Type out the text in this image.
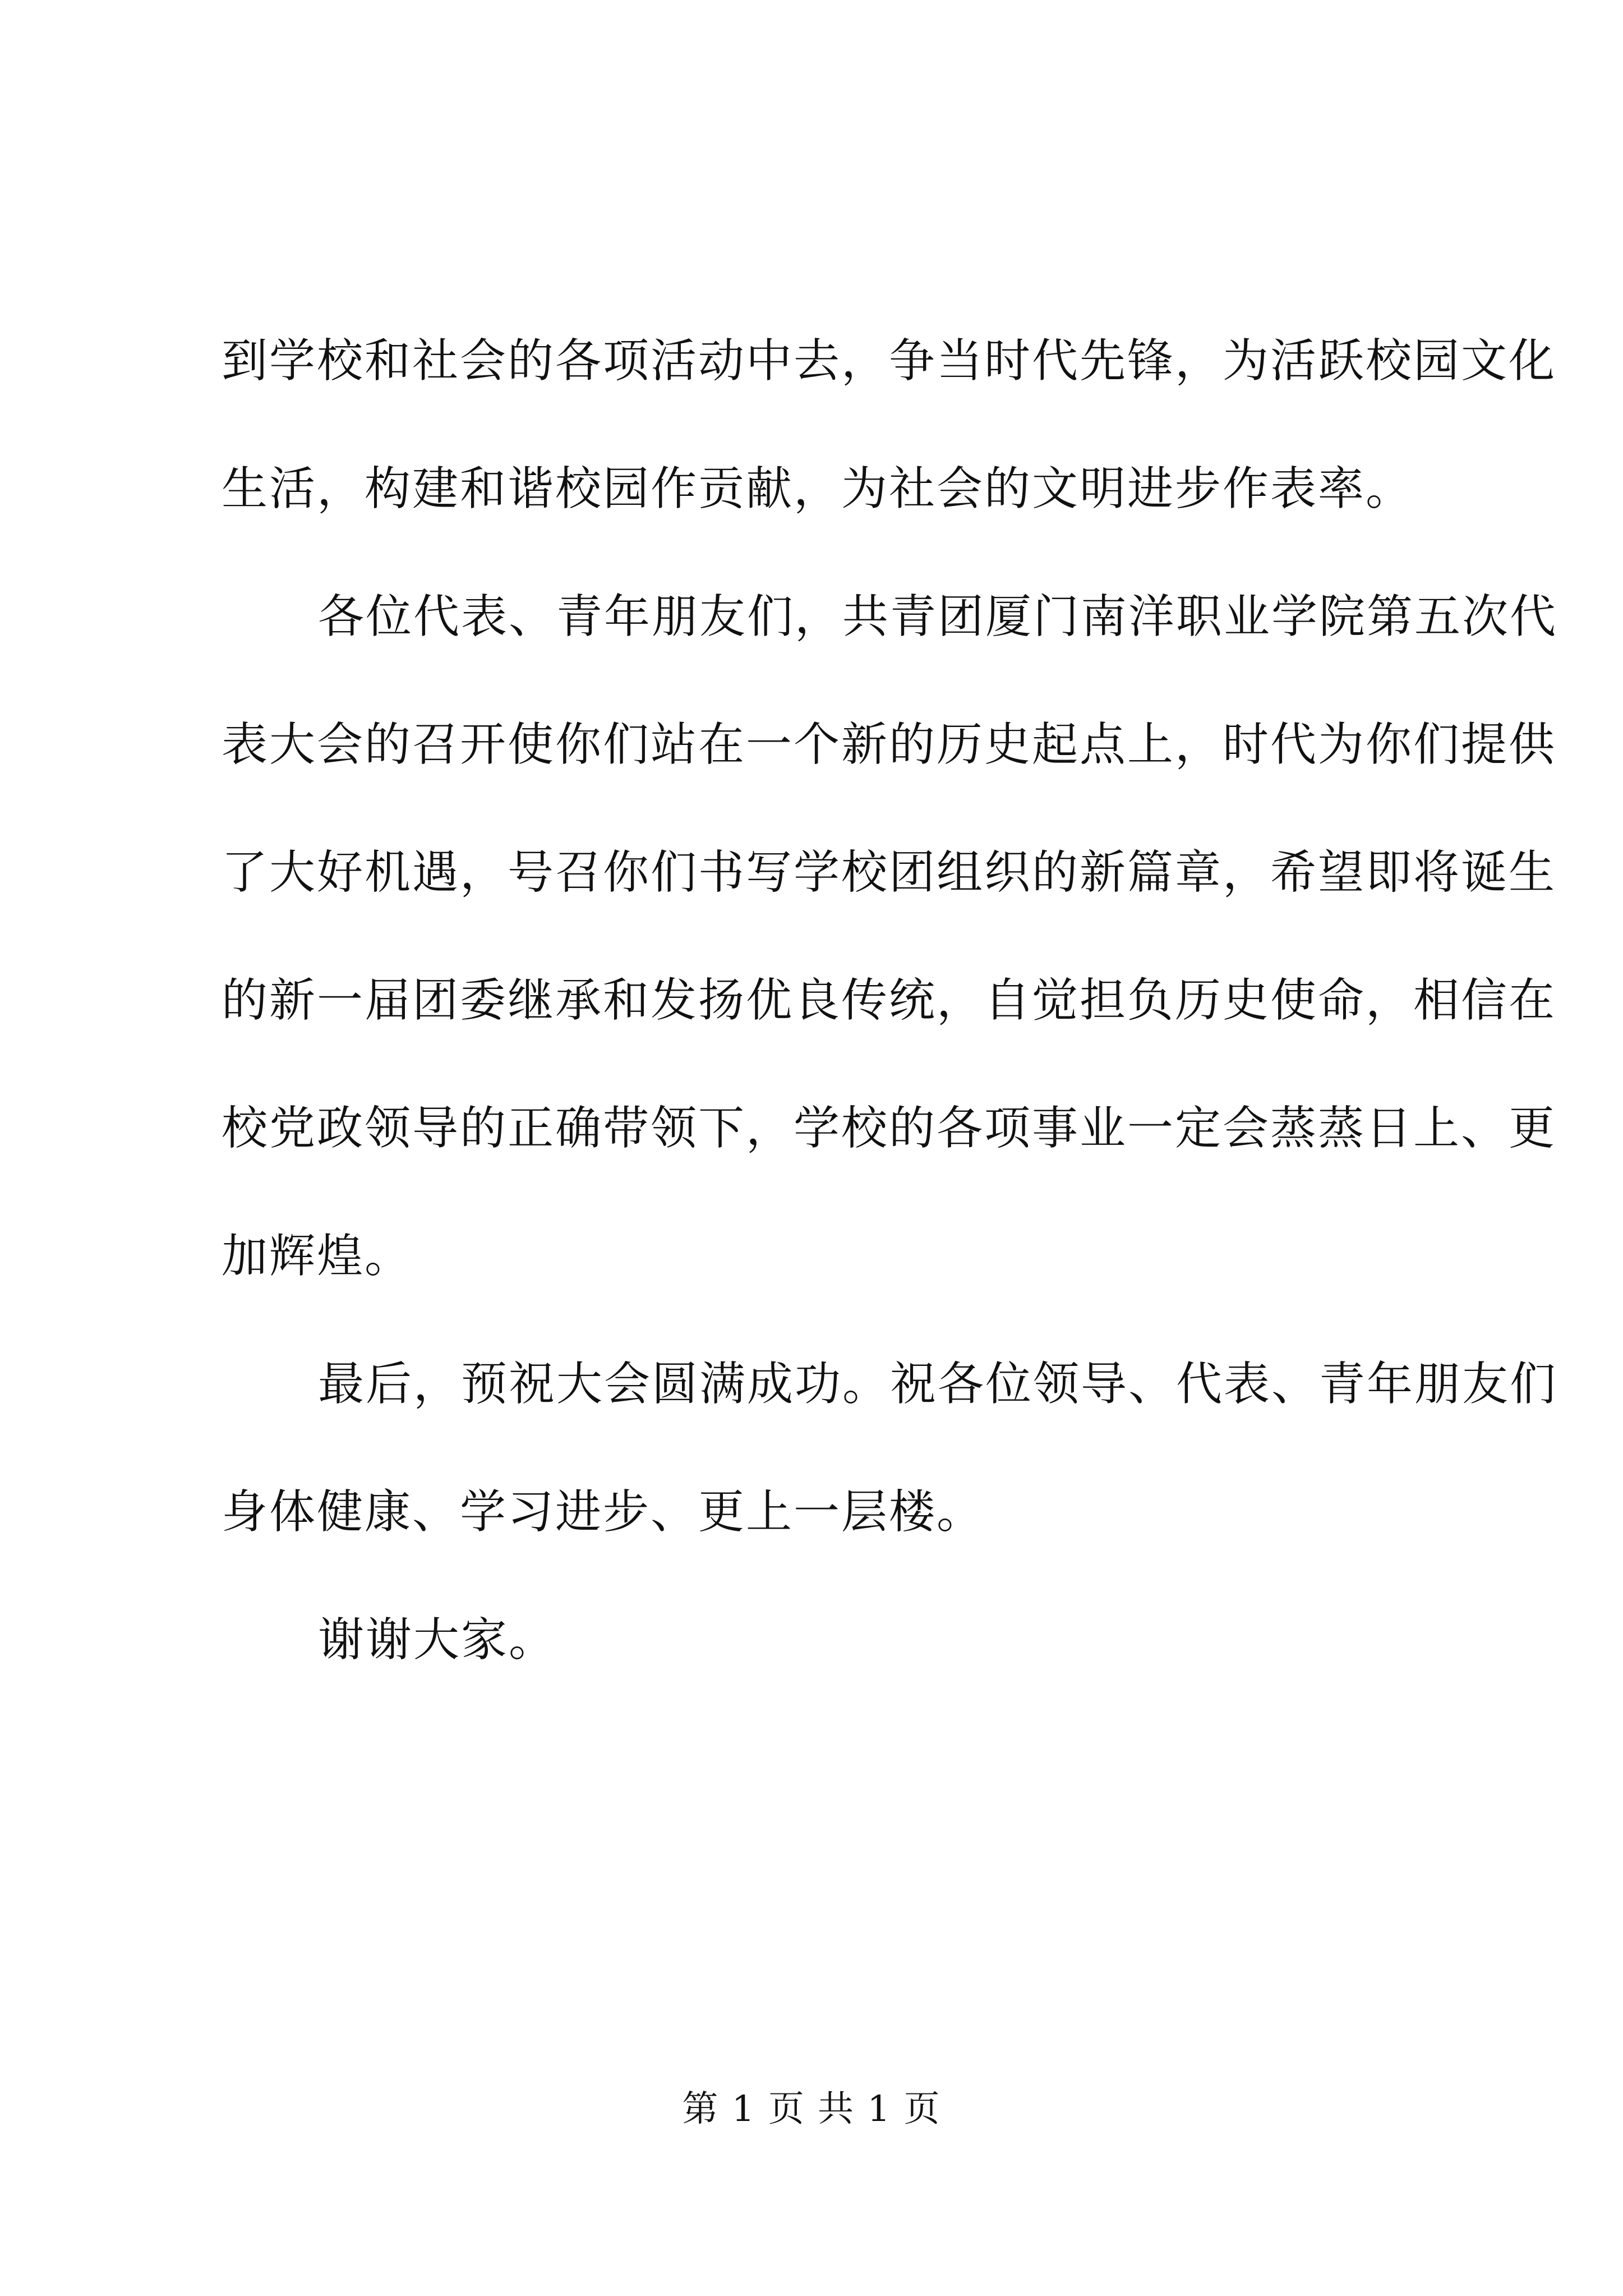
到学校和社会的各项活动中去，争当时代先锋，为活跃校园文化
生活，构建和谐校园作贡献，为社会的文明进步作表率。
各位代表、青年朋友们，共青团厦门南洋职业学院第五次代
表大会的召开使你们站在一个新的历史起点上，时代为你们提供
了大好机遇，号召你们书写学校团组织的新篇章，希望即将诞生
的新一届团委继承和发扬优良传统，自觉担负历史使命，相信在
校党政领导的正确带领下，学校的各项事业一定会蒸蒸日上、更
加辉煌。
最后，预祝大会圆满成功。祝各位领导、代表、青年朋友们
身体健康、学习进步、更上一层楼。
谢谢大家。
第 1 页 共 1 页
